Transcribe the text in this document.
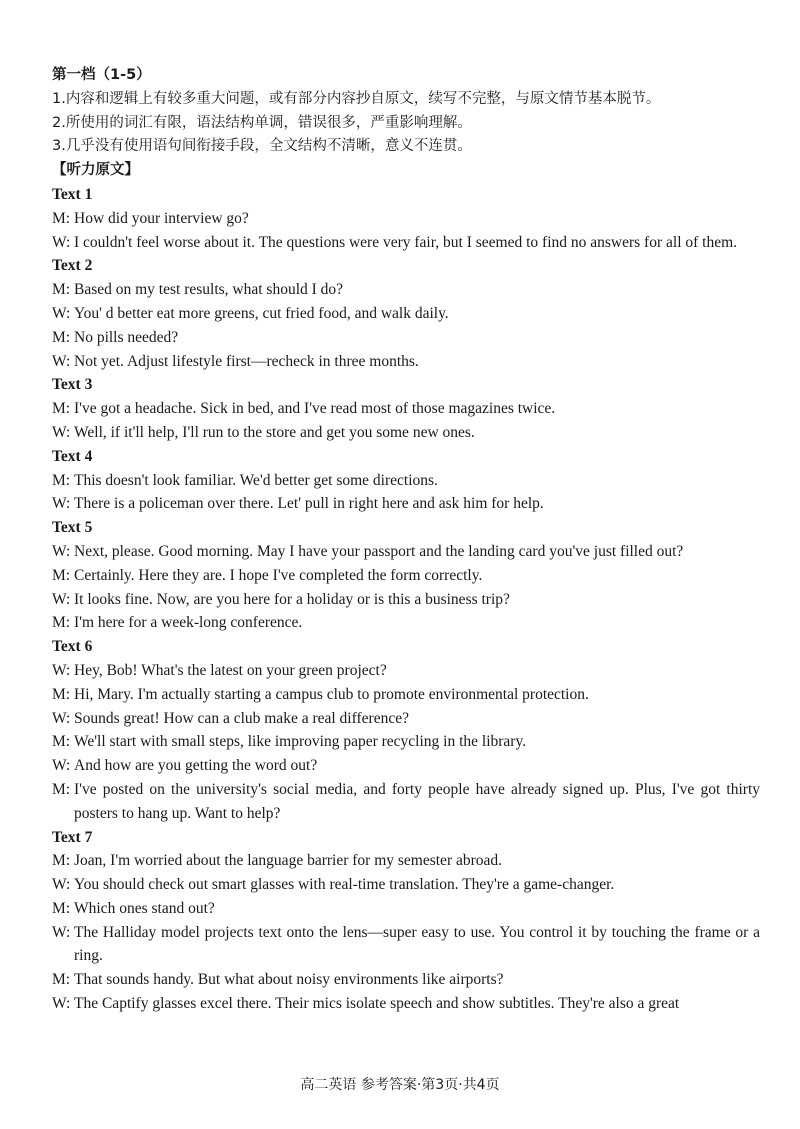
第一档（1-5）
1.内容和逻辑上有较多重大问题，或有部分内容抄自原文，续写不完整，与原文情节基本脱节。
2.所使用的词汇有限，语法结构单调，错误很多，严重影响理解。
3.几乎没有使用语句间衔接手段，全文结构不清晰，意义不连贯。
【听力原文】
Text 1
M: How did your interview go?
W: I couldn't feel worse about it. The questions were very fair, but I seemed to find no answers for all of them.
Text 2
M: Based on my test results, what should I do?
W: You' d better eat more greens, cut fried food, and walk daily.
M: No pills needed?
W: Not yet. Adjust lifestyle first—recheck in three months.
Text 3
M: I've got a headache. Sick in bed, and I've read most of those magazines twice.
W: Well, if it'll help, I'll run to the store and get you some new ones.
Text 4
M: This doesn't look familiar. We'd better get some directions.
W: There is a policeman over there. Let' pull in right here and ask him for help.
Text 5
W: Next, please. Good morning. May I have your passport and the landing card you've just filled out?
M: Certainly. Here they are. I hope I've completed the form correctly.
W: It looks fine. Now, are you here for a holiday or is this a business trip?
M: I'm here for a week-long conference.
Text 6
W: Hey, Bob! What's the latest on your green project?
M: Hi, Mary. I'm actually starting a campus club to promote environmental protection.
W: Sounds great! How can a club make a real difference?
M: We'll start with small steps, like improving paper recycling in the library.
W: And how are you getting the word out?
M: I've posted on the university's social media, and forty people have already signed up. Plus, I've got thirty posters to hang up. Want to help?
Text 7
M: Joan, I'm worried about the language barrier for my semester abroad.
W: You should check out smart glasses with real-time translation. They're a game-changer.
M: Which ones stand out?
W: The Halliday model projects text onto the lens—super easy to use. You control it by touching the frame or a ring.
M: That sounds handy. But what about noisy environments like airports?
W: The Captify glasses excel there. Their mics isolate speech and show subtitles. They're also a great
高二英语 参考答案·第3页·共4页
